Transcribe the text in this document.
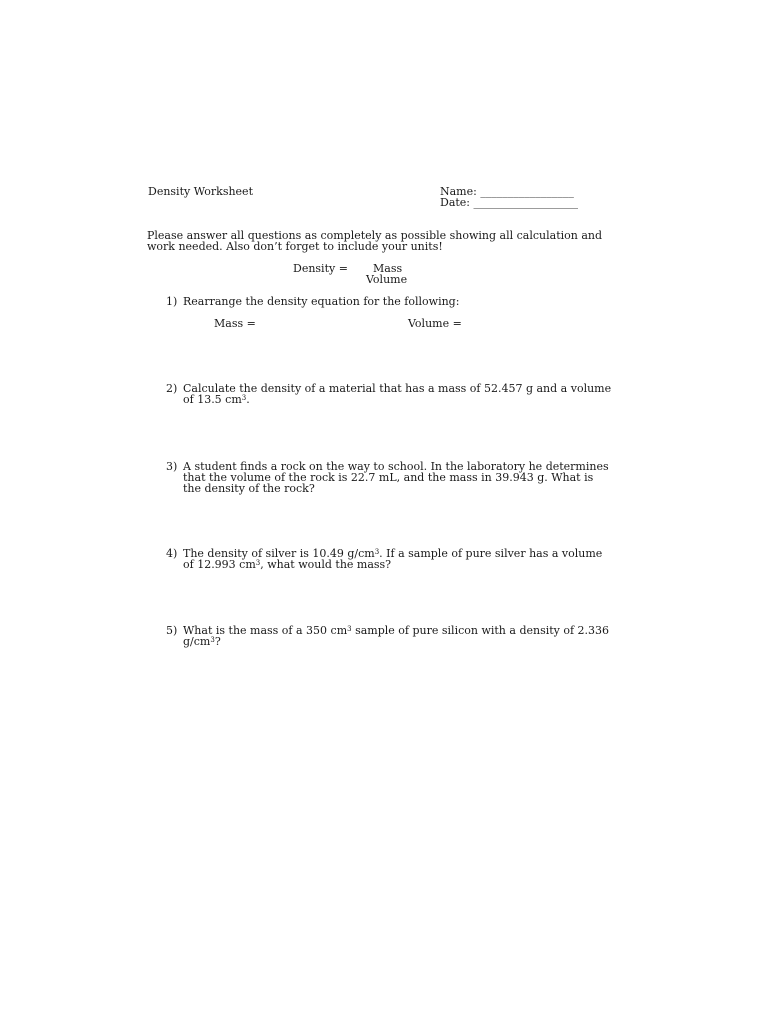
Density Worksheet	Name: _________________
Date: ___________________
Please answer all questions as completely as possible showing all calculation and
work needed. Also don’t forget to include your units!
Density = Mass
Volume
1) Rearrange the density equation for the following:
Mass =	Volume =
2) Calculate the density of a material that has a mass of 52.457 g and a volume
of 13.5 $cm^3$.
3) A student finds a rock on the way to school. In the laboratory he determines
that the volume of the rock is 22.7 mL, and the mass in 39.943 g. What is
the density of the rock?
4) The density of silver is 10.49 $g/cm^3$. If a sample of pure silver has a volume
of 12.993 $cm^3$, what would the mass?
5) What is the mass of a 350 $cm^3$ sample of pure silicon with a density of 2.336
$g/cm^3$?
